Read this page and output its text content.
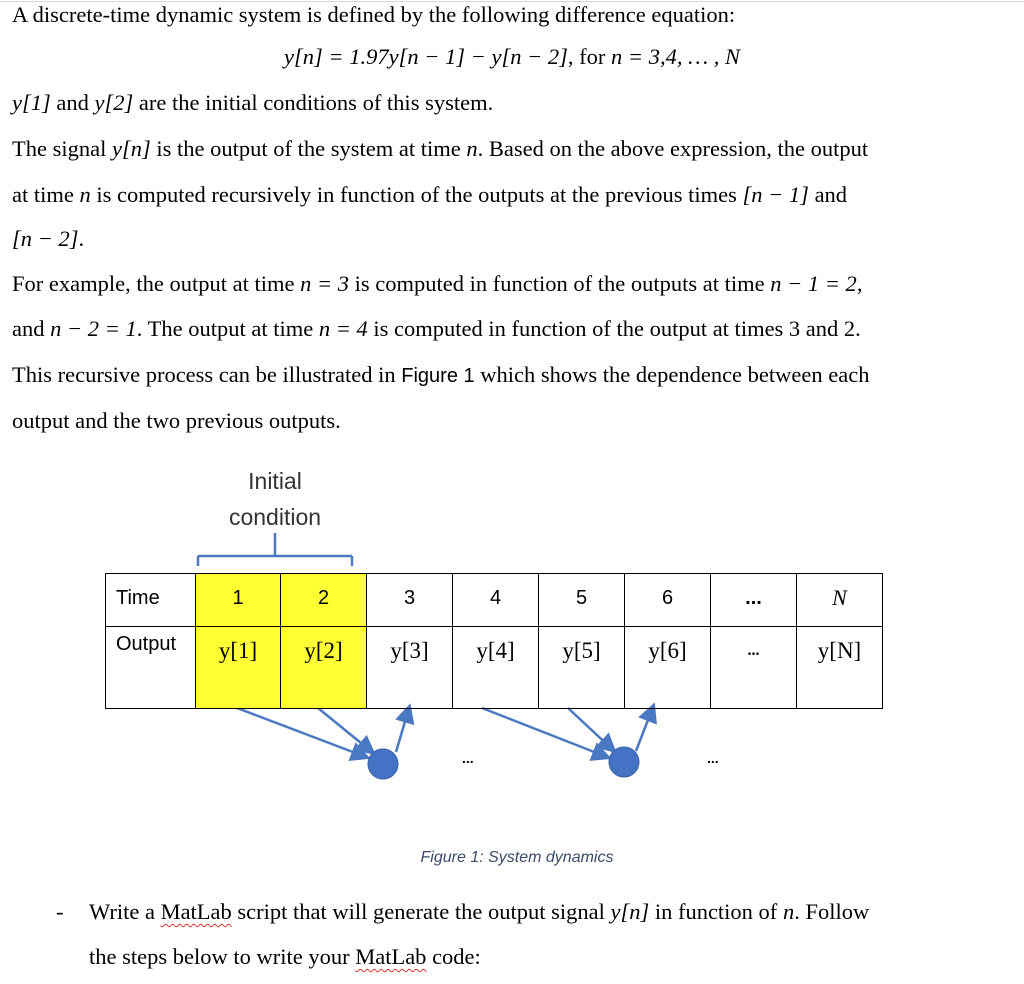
A discrete-time dynamic system is defined by the following difference equation:
y[n] = 1.97y[n − 1] − y[n − 2], for n = 3,4, … , N
y[1] and y[2] are the initial conditions of this system.
The signal y[n] is the output of the system at time n. Based on the above expression, the output
at time n is computed recursively in function of the outputs at the previous times [n − 1] and
[n − 2].
For example, the output at time n = 3 is computed in function of the outputs at time n − 1 = 2,
and n − 2 = 1. The output at time n = 4 is computed in function of the output at times 3 and 2.
This recursive process can be illustrated in Figure 1 which shows the dependence between each
output and the two previous outputs.
Initial
condition
...	...
Time	1	2	3	4	5	6	...	N
Output	y[1]	y[2]	y[3]	y[4]	y[5]	y[6]	...	y[N]
Figure 1: System dynamics
- Write a MatLab script that will generate the output signal y[n] in function of n. Follow
the steps below to write your MatLab code:
